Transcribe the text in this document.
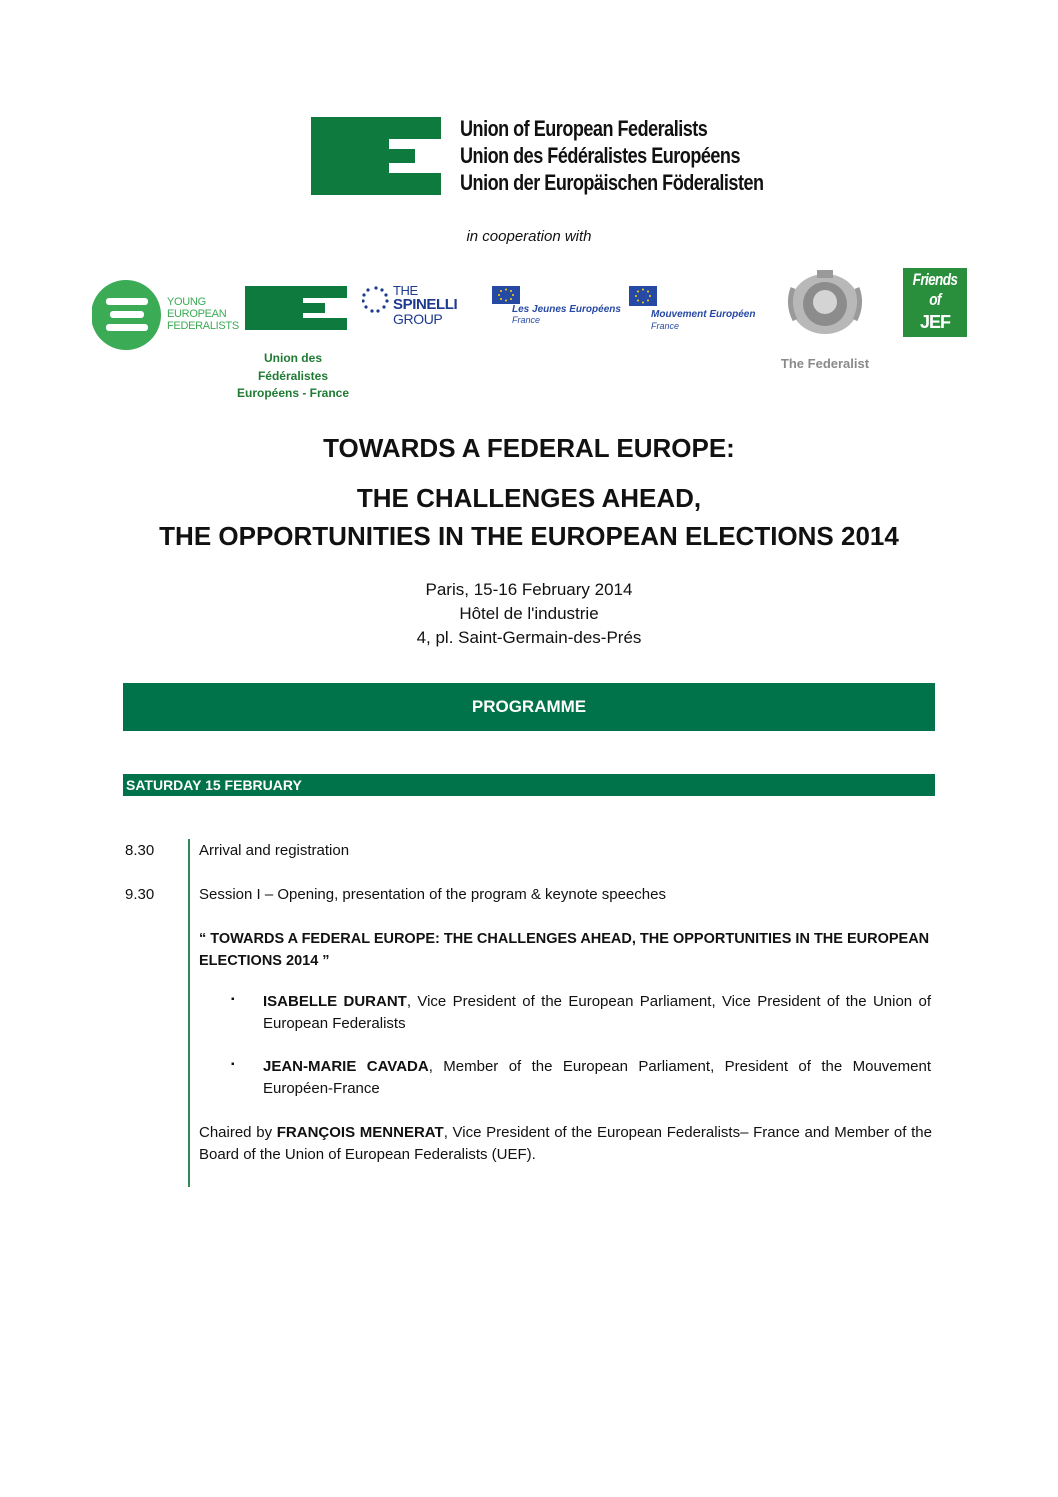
Union of European Federalists
Union des Fédéralistes Européens
Union der Europäischen Föderalisten
in cooperation with
YOUNG
EUROPEAN
FEDERALISTS
Union des Fédéralistes Européens - France
THE
SPINELLI
GROUP
Les Jeunes Européens
France	Mouvement Européen
France
The Federalist
Friends of
JEF
TOWARDS A FEDERAL EUROPE:
THE CHALLENGES AHEAD,
THE OPPORTUNITIES IN THE EUROPEAN ELECTIONS 2014
Paris, 15-16 February 2014
Hôtel de l'industrie
4, pl. Saint-Germain-des-Prés
PROGRAMME
SATURDAY 15 FEBRUARY
8.30	Arrival and registration
9.30	Session I – Opening, presentation of the program & keynote speeches
“ TOWARDS A FEDERAL EUROPE: THE CHALLENGES AHEAD, THE OPPORTUNITIES IN THE EUROPEAN ELECTIONS 2014 ”
▪ ISABELLE DURANT, Vice President of the European Parliament, Vice President of the Union of European Federalists
▪ JEAN-MARIE CAVADA, Member of the European Parliament, President of the Mouvement Européen-France
Chaired by FRANÇOIS MENNERAT, Vice President of the European Federalists– France and Member of the Board of the Union of European Federalists (UEF).
